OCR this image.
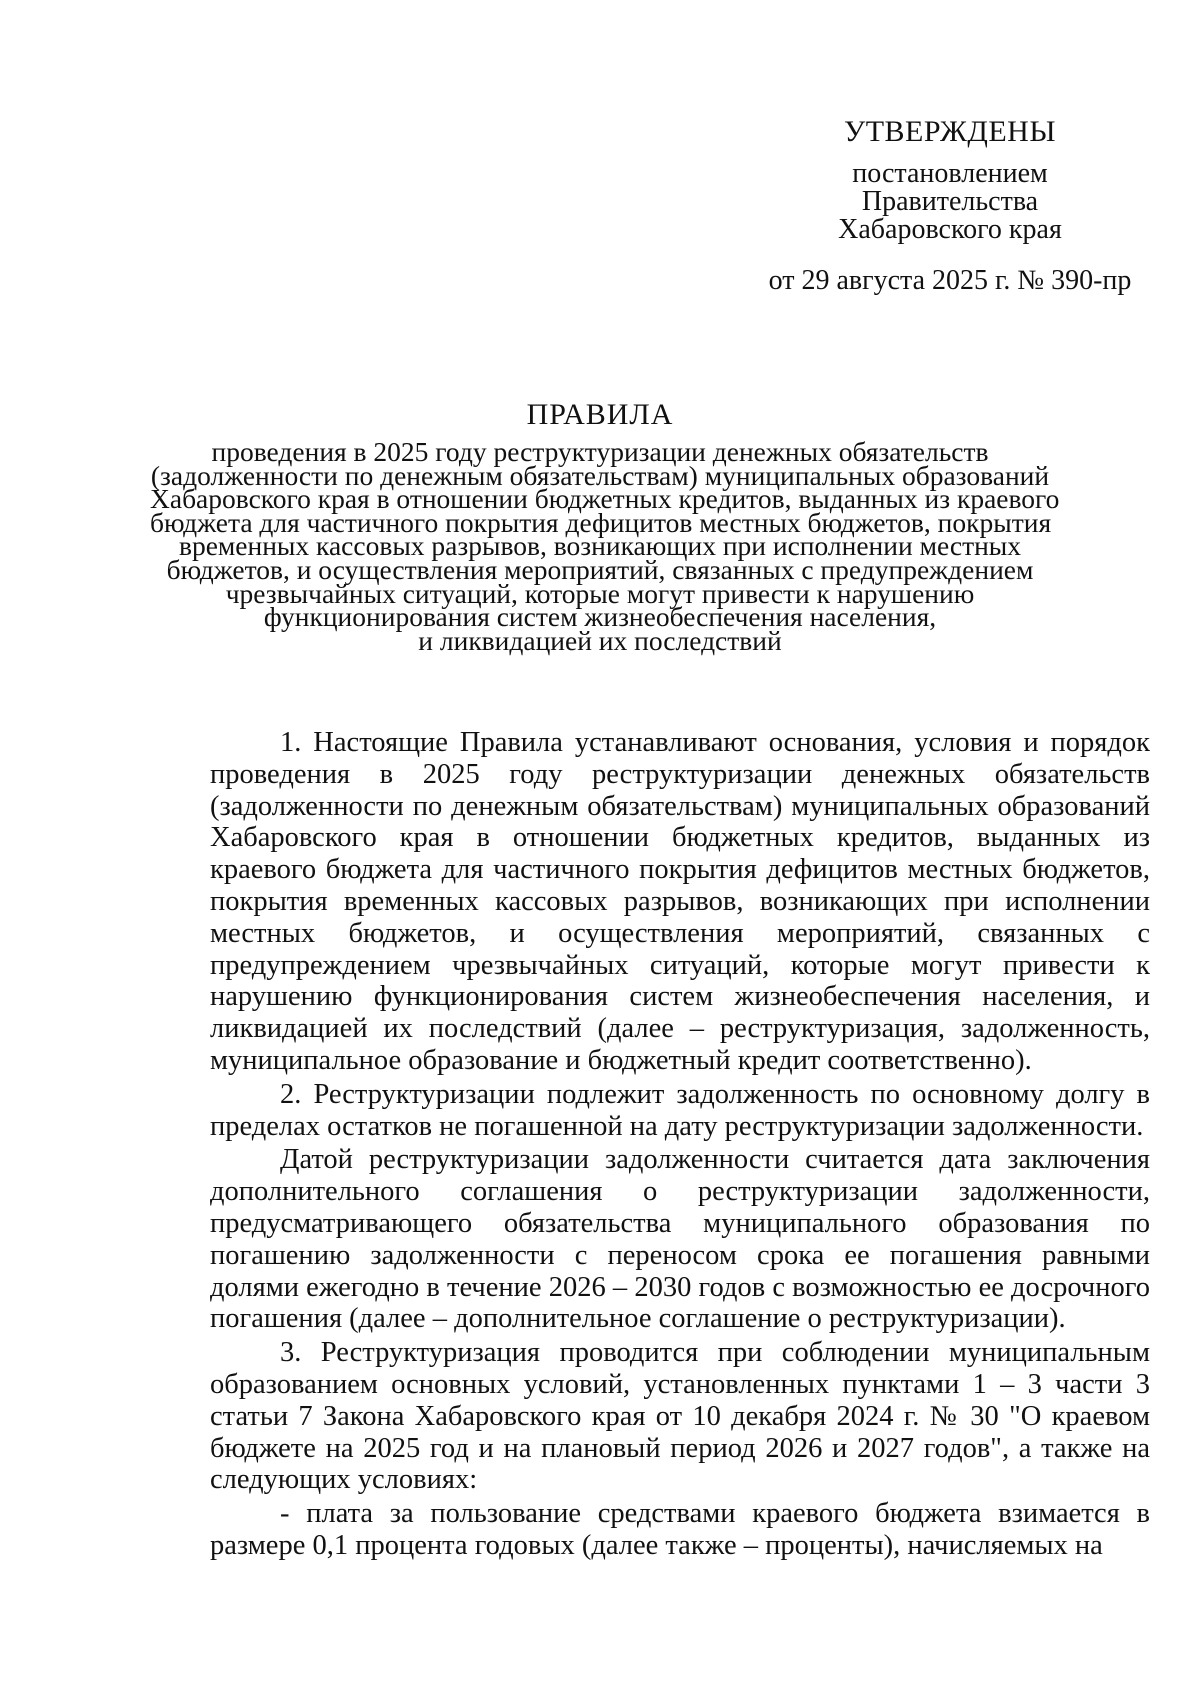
УТВЕРЖДЕНЫ
постановлением
Правительства
Хабаровского края
от 29 августа 2025 г. № 390-пр
ПРАВИЛА
проведения в 2025 году реструктуризации денежных обязательств
(задолженности по денежным обязательствам) муниципальных образований
Хабаровского края в отношении бюджетных кредитов, выданных из краевого
бюджета для частичного покрытия дефицитов местных бюджетов, покрытия
временных кассовых разрывов, возникающих при исполнении местных
бюджетов, и осуществления мероприятий, связанных с предупреждением
чрезвычайных ситуаций, которые могут привести к нарушению
функционирования систем жизнеобеспечения населения,
и ликвидацией их последствий

1. Настоящие Правила устанавливают основания, условия и порядок проведения в 2025 году реструктуризации денежных обязательств (задолженности по денежным обязательствам) муниципальных образований Хабаровского края в отношении бюджетных кредитов, выданных из краевого бюджета для частичного покрытия дефицитов местных бюджетов, покрытия временных кассовых разрывов, возникающих при исполнении местных бюджетов, и осуществления мероприятий, связанных с предупреждением чрезвычайных ситуаций, которые могут привести к нарушению функционирования систем жизнеобеспечения населения, и ликвидацией их последствий (далее – реструктуризация, задолженность, муниципальное образование и бюджетный кредит соответственно).

2. Реструктуризации подлежит задолженность по основному долгу в пределах остатков не погашенной на дату реструктуризации задолженности.

Датой реструктуризации задолженности считается дата заключения дополнительного соглашения о реструктуризации задолженности, предусматривающего обязательства муниципального образования по погашению задолженности с переносом срока ее погашения равными долями ежегодно в течение 2026 – 2030 годов с возможностью ее досрочного погашения (далее – дополнительное соглашение о реструктуризации).

3. Реструктуризация проводится при соблюдении муниципальным образованием основных условий, установленных пунктами 1 – 3 части 3 статьи 7 Закона Хабаровского края от 10 декабря 2024 г. № 30 "О краевом бюджете на 2025 год и на плановый период 2026 и 2027 годов", а также на следующих условиях:

- плата за пользование средствами краевого бюджета взимается в размере 0,1 процента годовых (далее также – проценты), начисляемых на
